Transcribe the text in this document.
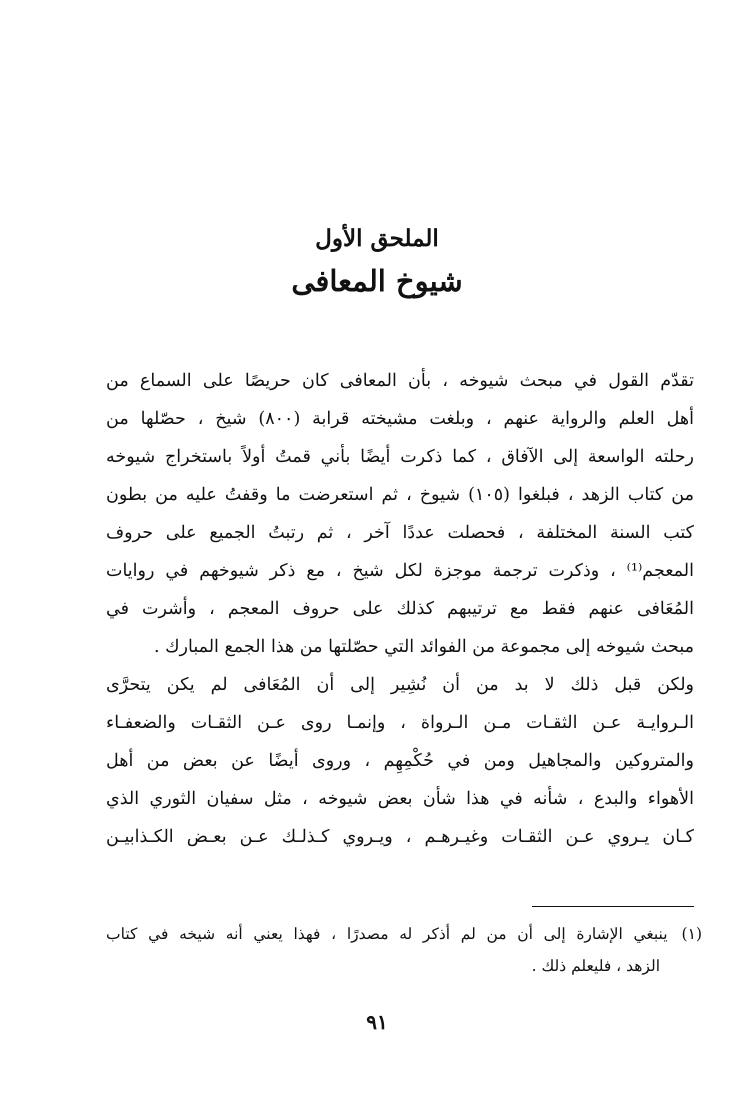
الملحق الأول
شيوخ المعافى
تقدّم القول في مبحث شيوخه ، بأن المعافى كان حريصًا على السماع من
أهل العلم والرواية عنهم ، وبلغت مشيخته قرابة (٨٠٠) شيخ ، حصّلها من
رحلته الواسعة إلى الآفاق ، كما ذكرت أيضًا بأني قمتُ أولاً باستخراج شيوخه
من كتاب الزهد ، فبلغوا (١٠٥) شيوخ ، ثم استعرضت ما وقفتُ عليه من بطون
كتب السنة المختلفة ، فحصلت عددًا آخر ، ثم رتبتُ الجميع على حروف
المعجم⁽¹⁾ ، وذكرت ترجمة موجزة لكل شيخ ، مع ذكر شيوخهم في روايات
المُعَافى عنهم فقط مع ترتيبهم كذلك على حروف المعجم ، وأشرت في
مبحث شيوخه إلى مجموعة من الفوائد التي حصّلتها من هذا الجمع المبارك .
ولكن قبل ذلك لا بد من أن نُشِير إلى أن المُعَافى لم يكن يتحرَّى
الـروايـة عـن الثقـات مـن الـرواة ، وإنمـا روى عـن الثقـات والضعفـاء
والمتروكين والمجاهيل ومن في حُكْمِهِم ، وروى أيضًا عن بعض من أهل
الأهواء والبدع ، شأنه في هذا شأن بعض شيوخه ، مثل سفيان الثوري الذي
كـان يـروي عـن الثقـات وغيـرهـم ، ويـروي كـذلـك عـن بعـض الكـذابيـن
(١)ينبغي الإشارة إلى أن من لم أذكر له مصدرًا ، فهذا يعني أنه شيخه في كتاب
الزهد ، فليعلم ذلك .
٩١
